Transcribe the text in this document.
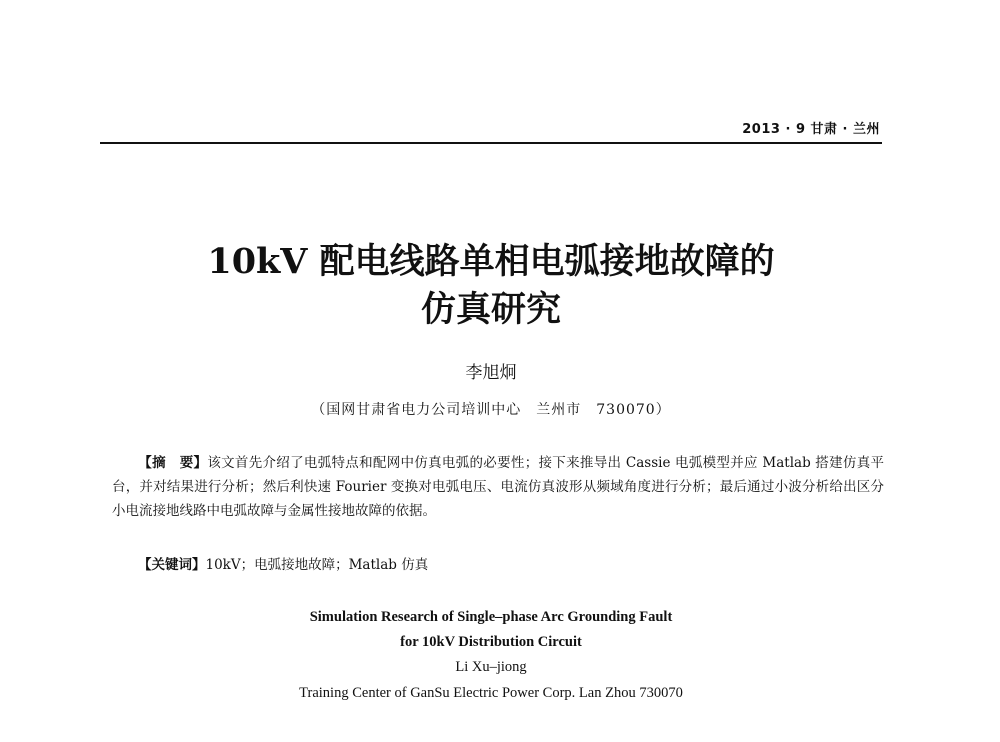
2013 · 9 甘肃 · 兰州
10kV 配电线路单相电弧接地故障的
仿真研究
李旭炯
（国网甘肃省电力公司培训中心　兰州市　730070）
【摘　要】该文首先介绍了电弧特点和配网中仿真电弧的必要性；接下来推导出 Cassie 电弧模型并应 Matlab 搭建仿真平台，并对结果进行分析；然后利快速 Fourier 变换对电弧电压、电流仿真波形从频域角度进行分析；最后通过小波分析给出区分小电流接地线路中电弧故障与金属性接地故障的依据。
【关键词】10kV；电弧接地故障；Matlab 仿真
Simulation Research of Single–phase Arc Grounding Fault
for 10kV Distribution Circuit
Li Xu–jiong
Training Center of GanSu Electric Power Corp. Lan Zhou 730070
